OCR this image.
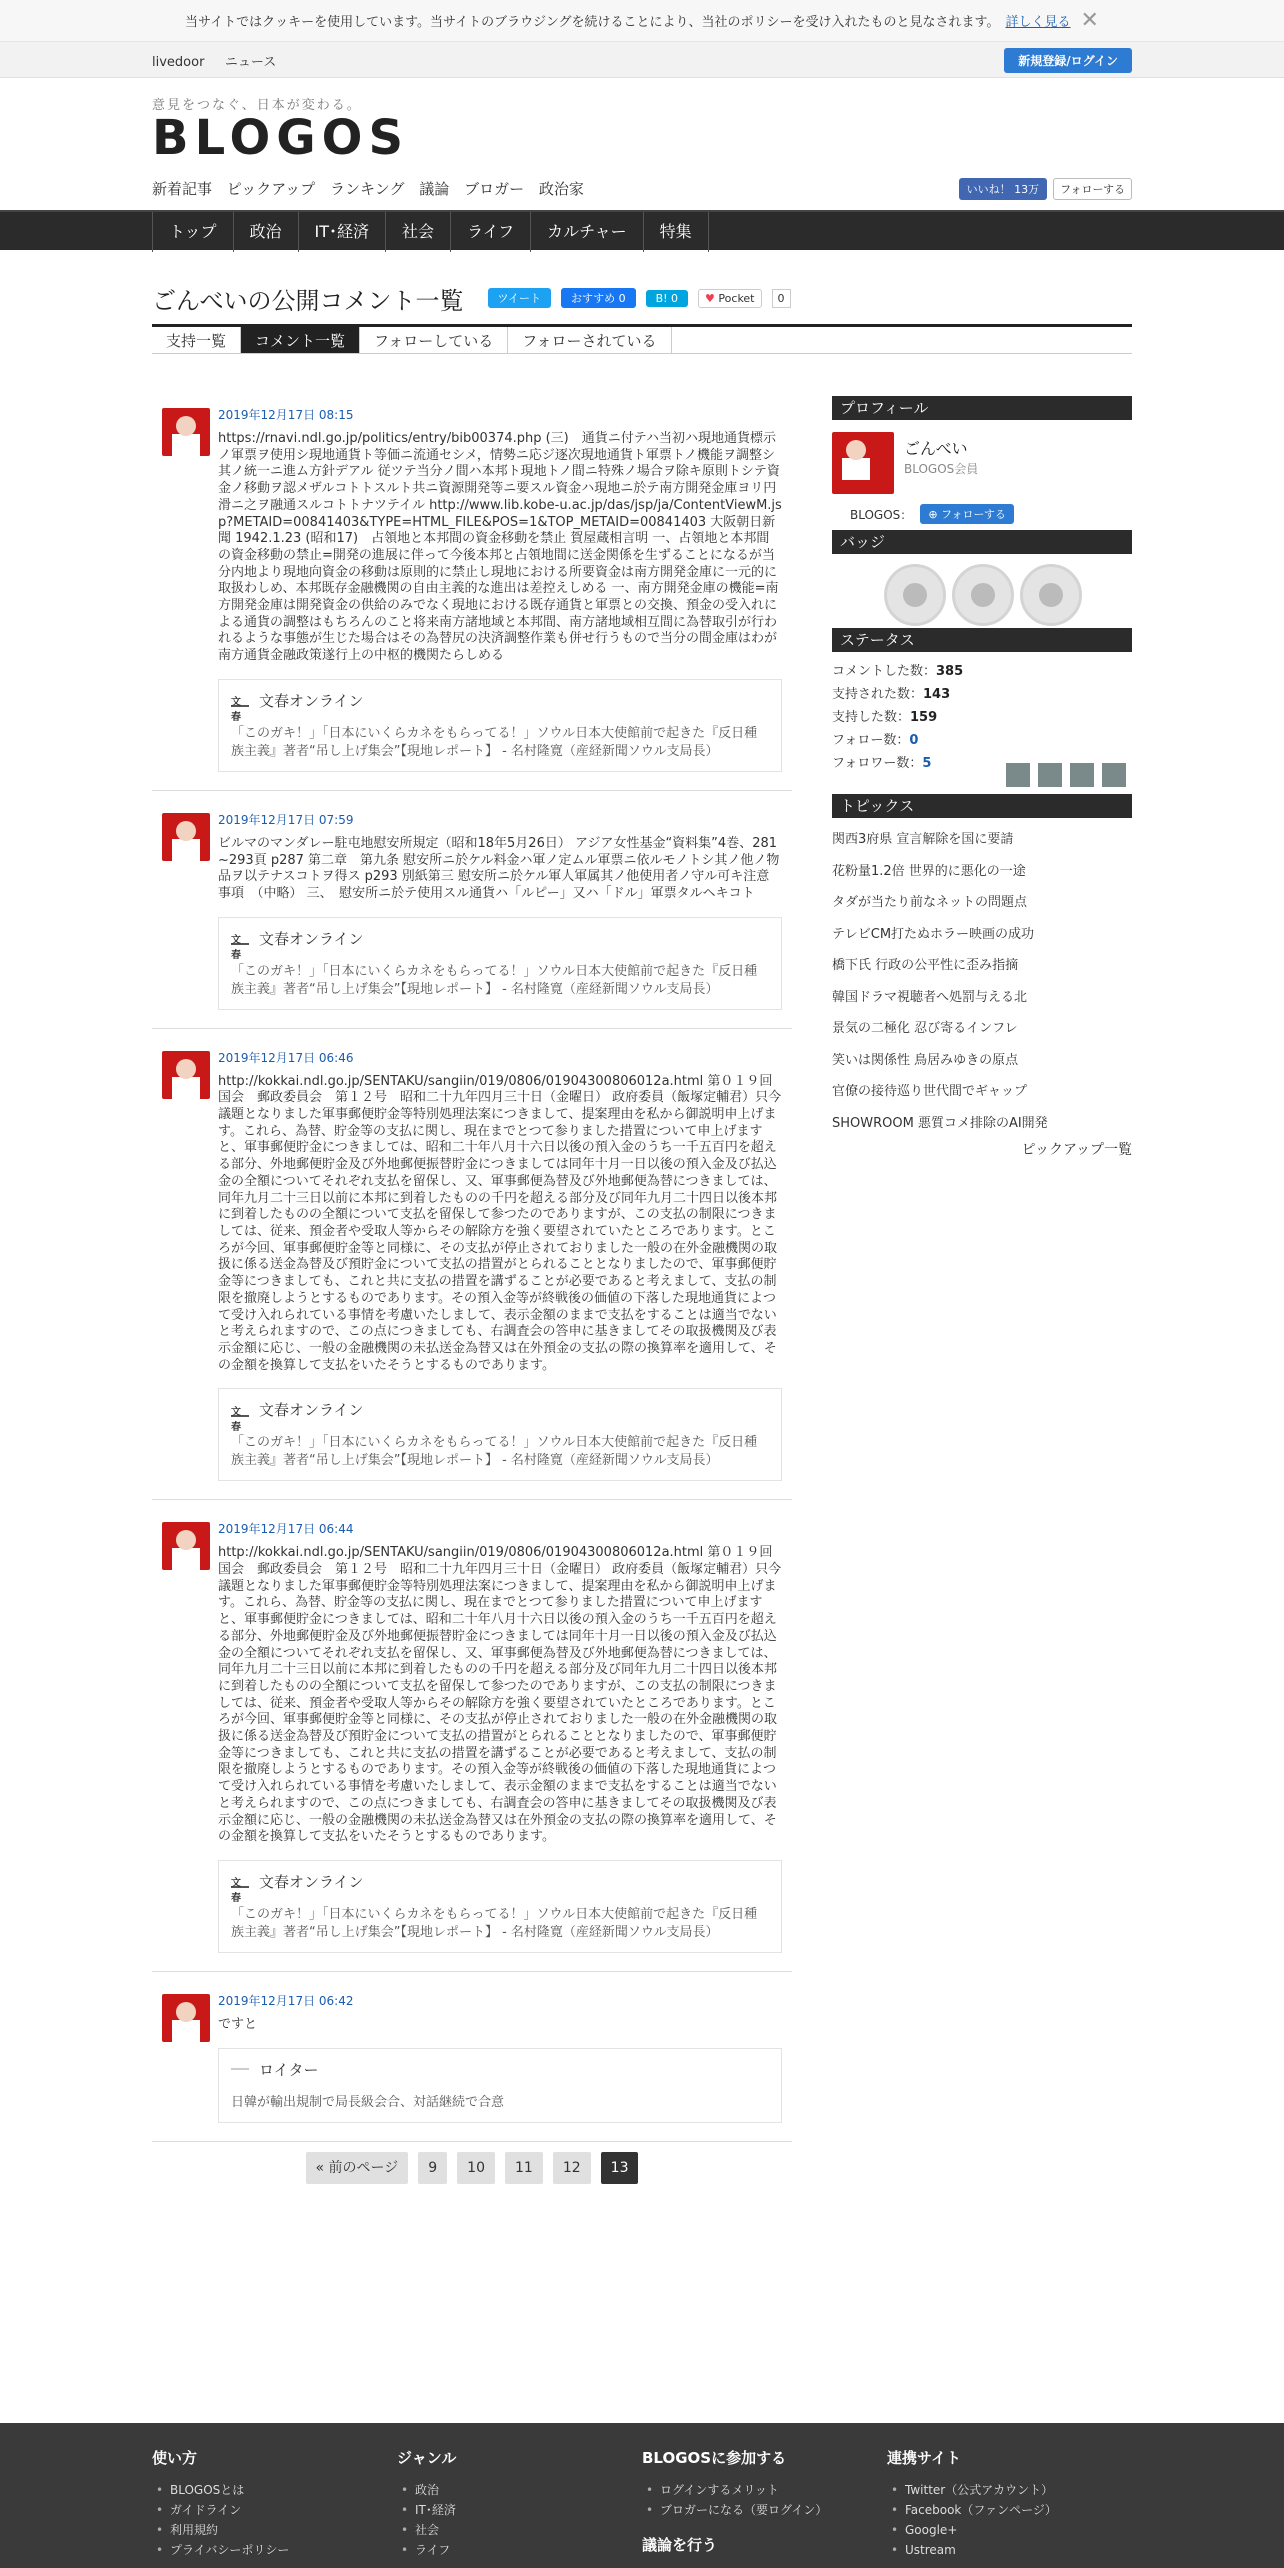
当サイトではクッキーを使用しています。当サイトのブラウジングを続けることにより、当社のポリシーを受け入れたものと見なされます。 詳しく見る ✕
livedoor ニュース	新規登録/ログイン
意見をつなぐ、日本が変わる。
BLOGOS
新着記事 ピックアップ ランキング 議論 ブロガー 政治家	いいね！ 13万	フォローする
トップ	政治	IT･経済	社会	ライフ	カルチャー	特集
ごんべいの公開コメント一覧	ツイート	おすすめ 0	B! 0	♥ Pocket	0
支持一覧	コメント一覧	フォローしている	フォローされている
2019年12月17日 08:15
https://rnavi.ndl.go.jp/politics/entry/bib00374.php (三)　通貨ニ付テハ当初ハ現地通貨標示ノ軍票ヲ使用シ現地通貨ト等価ニ流通セシメ，情勢ニ応ジ逐次現地通貨ト軍票トノ機能ヲ調整シ其ノ統一ニ進ム方針デアル 従ツテ当分ノ間ハ本邦ト現地トノ間ニ特殊ノ場合ヲ除キ原則トシテ資金ノ移動ヲ認メザルコトトスルト共ニ資源開発等ニ要スル資金ハ現地ニ於テ南方開発金庫ヨリ円滑ニ之ヲ融通スルコトトナツテイル http://www.lib.kobe-u.ac.jp/das/jsp/ja/ContentViewM.jsp?METAID=00841403&TYPE=HTML_FILE&POS=1&TOP_METAID=00841403 大阪朝日新聞 1942.1.23 (昭和17)　占領地と本邦間の資金移動を禁止 賀屋蔵相言明 一、占領地と本邦間の資金移動の禁止=開発の進展に伴って今後本邦と占領地間に送金関係を生ずることになるが当分内地より現地向資金の移動は原則的に禁止し現地における所要資金は南方開発金庫に一元的に取扱わしめ、本邦既存金融機関の自由主義的な進出は差控えしめる 一、南方開発金庫の機能=南方開発金庫は開発資金の供給のみでなく現地における既存通貨と軍票との交換、預金の受入れによる通貨の調整はもちろんのこと将来南方諸地域と本邦間、南方諸地域相互間に為替取引が行われるような事態が生じた場合はその為替尻の決済調整作業も併せ行うもので当分の間金庫はわが南方通貨金融政策遂行上の中枢的機関たらしめる
文春
文春オンライン
「このガキ！」「日本にいくらカネをもらってる！」ソウル日本大使館前で起きた『反日種族主義』著者“吊し上げ集会”【現地レポート】 - 名村隆寛（産経新聞ソウル支局長）
2019年12月17日 07:59
ビルマのマンダレー駐屯地慰安所規定（昭和18年5月26日） アジア女性基金“資料集”4巻、281~293頁 p287 第二章　第九条 慰安所ニ於ケル料金ハ軍ノ定ムル軍票ニ依ルモノトシ其ノ他ノ物品ヲ以テナスコトヲ得ス p293 別紙第三 慰安所ニ於ケル軍人軍属其ノ他使用者ノ守ル可キ注意事項　（中略） 三、　慰安所ニ於テ使用スル通貨ハ「ルピー」又ハ「ドル」軍票タルヘキコト
文春
文春オンライン
「このガキ！」「日本にいくらカネをもらってる！」ソウル日本大使館前で起きた『反日種族主義』著者“吊し上げ集会”【現地レポート】 - 名村隆寛（産経新聞ソウル支局長）
2019年12月17日 06:46
http://kokkai.ndl.go.jp/SENTAKU/sangiin/019/0806/01904300806012a.html 第０１９回国会　郵政委員会　第１２号　昭和二十九年四月三十日（金曜日） 政府委員（飯塚定輔君）只今議題となりました軍事郵便貯金等特別処理法案につきまして、提案理由を私から御説明申上げます。これら、為替、貯金等の支払に関し、現在までとつて参りました措置について申上げますと、軍事郵便貯金につきましては、昭和二十年八月十六日以後の預入金のうち一千五百円を超える部分、外地郵便貯金及び外地郵便振替貯金につきましては同年十月一日以後の預入金及び払込金の全額についてそれぞれ支払を留保し、又、軍事郵便為替及び外地郵便為替につきましては、同年九月二十三日以前に本邦に到着したものの千円を超える部分及び同年九月二十四日以後本邦に到着したものの全額について支払を留保して参つたのでありますが、この支払の制限につきましては、従来、預金者や受取人等からその解除方を強く要望されていたところであります。ところが今回、軍事郵便貯金等と同様に、その支払が停止されておりました一般の在外金融機関の取扱に係る送金為替及び預貯金について支払の措置がとられることとなりましたので、軍事郵便貯金等につきましても、これと共に支払の措置を講ずることが必要であると考えまして、支払の制限を撤廃しようとするものであります。その預入金等が終戦後の価値の下落した現地通貨によつて受け入れられている事情を考慮いたしまして、表示金額のままで支払をすることは適当でないと考えられますので、この点につきましても、右調査会の答申に基きましてその取扱機関及び表示金額に応じ、一般の金融機関の未払送金為替又は在外預金の支払の際の換算率を適用して、その金額を換算して支払をいたそうとするものであります。
文春
文春オンライン
「このガキ！」「日本にいくらカネをもらってる！」ソウル日本大使館前で起きた『反日種族主義』著者“吊し上げ集会”【現地レポート】 - 名村隆寛（産経新聞ソウル支局長）
2019年12月17日 06:44
http://kokkai.ndl.go.jp/SENTAKU/sangiin/019/0806/01904300806012a.html 第０１９回国会　郵政委員会　第１２号　昭和二十九年四月三十日（金曜日） 政府委員（飯塚定輔君）只今議題となりました軍事郵便貯金等特別処理法案につきまして、提案理由を私から御説明申上げます。これら、為替、貯金等の支払に関し、現在までとつて参りました措置について申上げますと、軍事郵便貯金につきましては、昭和二十年八月十六日以後の預入金のうち一千五百円を超える部分、外地郵便貯金及び外地郵便振替貯金につきましては同年十月一日以後の預入金及び払込金の全額についてそれぞれ支払を留保し、又、軍事郵便為替及び外地郵便為替につきましては、同年九月二十三日以前に本邦に到着したものの千円を超える部分及び同年九月二十四日以後本邦に到着したものの全額について支払を留保して参つたのでありますが、この支払の制限につきましては、従来、預金者や受取人等からその解除方を強く要望されていたところであります。ところが今回、軍事郵便貯金等と同様に、その支払が停止されておりました一般の在外金融機関の取扱に係る送金為替及び預貯金について支払の措置がとられることとなりましたので、軍事郵便貯金等につきましても、これと共に支払の措置を講ずることが必要であると考えまして、支払の制限を撤廃しようとするものであります。その預入金等が終戦後の価値の下落した現地通貨によつて受け入れられている事情を考慮いたしまして、表示金額のままで支払をすることは適当でないと考えられますので、この点につきましても、右調査会の答申に基きましてその取扱機関及び表示金額に応じ、一般の金融機関の未払送金為替又は在外預金の支払の際の換算率を適用して、その金額を換算して支払をいたそうとするものであります。
文春
文春オンライン
「このガキ！」「日本にいくらカネをもらってる！」ソウル日本大使館前で起きた『反日種族主義』著者“吊し上げ集会”【現地レポート】 - 名村隆寛（産経新聞ソウル支局長）
2019年12月17日 06:42
ですと
ロイター
日韓が輸出規制で局長級会合、対話継続で合意
« 前のページ	9	10	11	12	13
プロフィール
ごんべい
BLOGOS会員
BLOGOS：	⊕ フォローする
バッジ
ステータス
コメントした数：385
支持された数：143
支持した数：159
フォロー数：0
フォロワー数：5
トピックス
関西3府県 宣言解除を国に要請
花粉量1.2倍 世界的に悪化の一途
タダが当たり前なネットの問題点
テレビCM打たぬホラー映画の成功
橋下氏 行政の公平性に歪み指摘
韓国ドラマ視聴者へ処罰与える北
景気の二極化 忍び寄るインフレ
笑いは関係性 鳥居みゆきの原点
官僚の接待巡り世代間でギャップ
SHOWROOM 悪質コメ排除のAI開発
ピックアップ一覧
使い方
• BLOGOSとは
• ガイドライン
• 利用規約
• プライバシーポリシー
ジャンル
• 政治
• IT･経済
• 社会
• ライフ
BLOGOSに参加する
• ログインするメリット
• ブロガーになる（要ログイン）
議論を行う
連携サイト
• Twitter（公式アカウント）
• Facebook（ファンページ）
• Google+
• Ustream
